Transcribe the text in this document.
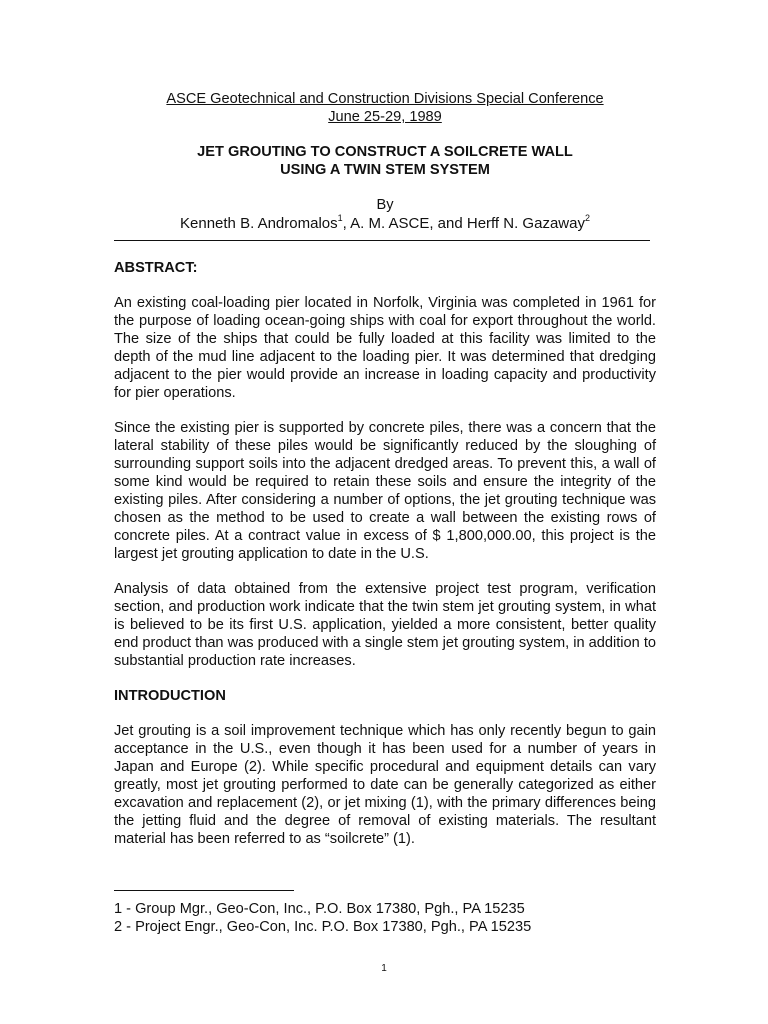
ASCE Geotechnical and Construction Divisions Special Conference
June 25-29, 1989
JET GROUTING TO CONSTRUCT A SOILCRETE WALL
USING A TWIN STEM SYSTEM
By
Kenneth B. Andromalos$^1$, A. M. ASCE, and Herff N. Gazaway$^2$
ABSTRACT:

An existing coal-loading pier located in Norfolk, Virginia was completed in 1961 for the purpose of loading ocean-going ships with coal for export throughout the world. The size of the ships that could be fully loaded at this facility was limited to the depth of the mud line adjacent to the loading pier. It was determined that dredging adjacent to the pier would provide an increase in loading capacity and productivity for pier operations.

Since the existing pier is supported by concrete piles, there was a concern that the lateral stability of these piles would be significantly reduced by the sloughing of surrounding support soils into the adjacent dredged areas. To prevent this, a wall of some kind would be required to retain these soils and ensure the integrity of the existing piles. After considering a number of options, the jet grouting technique was chosen as the method to be used to create a wall between the existing rows of concrete piles. At a contract value in excess of $ 1,800,000.00, this project is the largest jet grouting application to date in the U.S.

Analysis of data obtained from the extensive project test program, verification section, and production work indicate that the twin stem jet grouting system, in what is believed to be its first U.S. application, yielded a more consistent, better quality end product than was produced with a single stem jet grouting system, in addition to substantial production rate increases.

INTRODUCTION

Jet grouting is a soil improvement technique which has only recently begun to gain acceptance in the U.S., even though it has been used for a number of years in Japan and Europe (2). While specific procedural and equipment details can vary greatly, most jet grouting performed to date can be generally categorized as either excavation and replacement (2), or jet mixing (1), with the primary differences being the jetting fluid and the degree of removal of existing materials. The resultant material has been referred to as “soilcrete” (1).

1 - Group Mgr., Geo-Con, Inc., P.O. Box 17380, Pgh., PA 15235
2 - Project Engr., Geo-Con, Inc. P.O. Box 17380, Pgh., PA 15235
1
